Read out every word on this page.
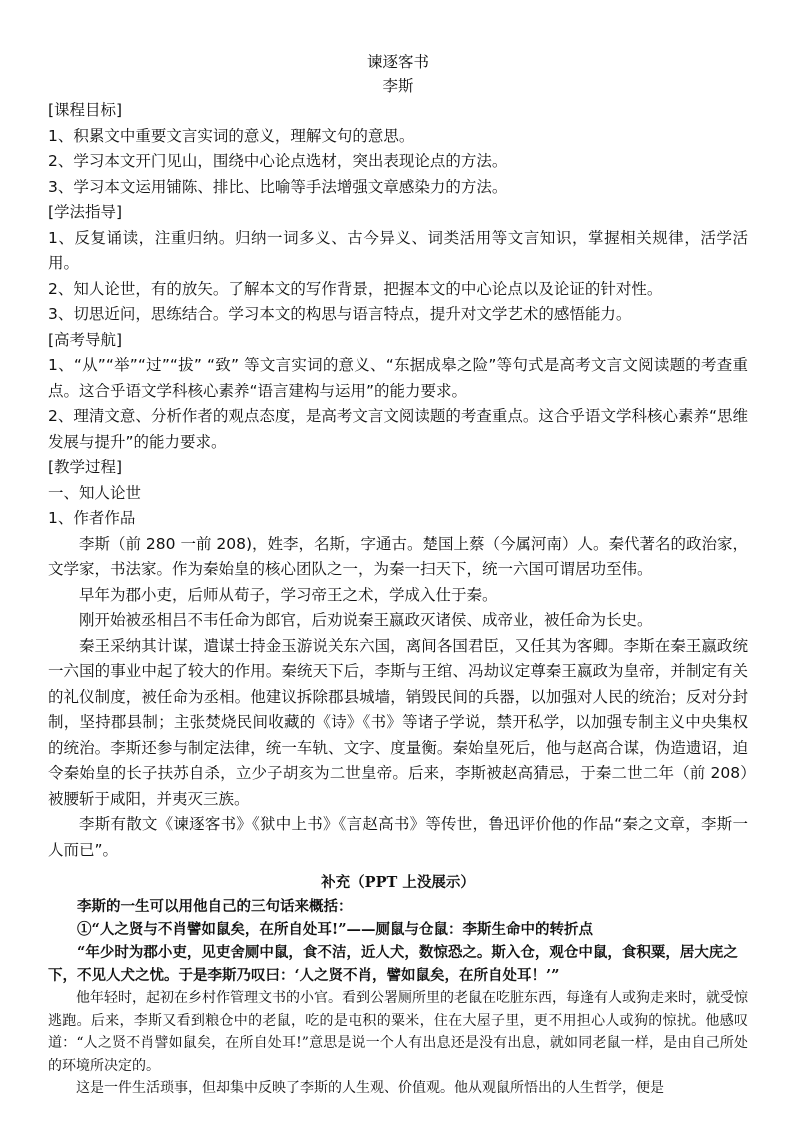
谏逐客书

李斯

[课程目标]

1、积累文中重要文言实词的意义，理解文句的意思。

2、学习本文开门见山，围绕中心论点选材，突出表现论点的方法。

3、学习本文运用铺陈、排比、比喻等手法增强文章感染力的方法。

[学法指导]

1、反复诵读，注重归纳。归纳一词多义、古今异义、词类活用等文言知识，掌握相关规律，活学活用。

2、知人论世，有的放矢。了解本文的写作背景，把握本文的中心论点以及论证的针对性。

3、切思近问，思练结合。学习本文的构思与语言特点，提升对文学艺术的感悟能力。

[高考导航]

1、“从”“举”“过”“拔” “致” 等文言实词的意义、“东据成皋之险”等句式是高考文言文阅读题的考查重点。这合乎语文学科核心素养“语言建构与运用”的能力要求。

2、理清文意、分析作者的观点态度，是高考文言文阅读题的考查重点。这合乎语文学科核心素养“思维发展与提升”的能力要求。

[教学过程]

一、知人论世

1、作者作品

李斯（前 280 一前 208)，姓李，名斯，字通古。楚国上蔡（今属河南）人。秦代著名的政治家，文学家，书法家。作为秦始皇的核心团队之一，为秦一扫天下，统一六国可谓居功至伟。

早年为郡小吏，后师从荀子，学习帝王之术，学成入仕于秦。

刚开始被丞相吕不韦任命为郎官，后劝说秦王嬴政灭诸侯、成帝业，被任命为长史。

秦王采纳其计谋，遣谋士持金玉游说关东六国，离间各国君臣，又任其为客卿。李斯在秦王嬴政统一六国的事业中起了较大的作用。秦统天下后，李斯与王绾、冯劫议定尊秦王嬴政为皇帝，并制定有关的礼仪制度，被任命为丞相。他建议拆除郡县城墙，销毁民间的兵器，以加强对人民的统治；反对分封制，坚持郡县制；主张焚烧民间收藏的《诗》《书》等诸子学说，禁开私学，以加强专制主义中央集权的统治。李斯还参与制定法律，统一车轨、文字、度量衡。秦始皇死后，他与赵高合谋，伪造遗诏，迫令秦始皇的长子扶苏自杀，立少子胡亥为二世皇帝。后来，李斯被赵高猜忌，于秦二世二年（前 208）被腰斩于咸阳，并夷灭三族。

李斯有散文《谏逐客书》《狱中上书》《言赵高书》等传世，鲁迅评价他的作品“秦之文章，李斯一人而已”。

补充（PPT 上没展示）

李斯的一生可以用他自己的三句话来概括：

①“人之贤与不肖譬如鼠矣，在所自处耳!”——厕鼠与仓鼠：李斯生命中的转折点

“年少时为郡小吏，见吏舍厕中鼠，食不洁，近人犬，数惊恐之。斯入仓，观仓中鼠，食积粟，居大庑之下，不见人犬之忧。于是李斯乃叹曰：‘人之贤不肖，譬如鼠矣，在所自处耳！’”

他年轻时，起初在乡村作管理文书的小官。看到公署厕所里的老鼠在吃脏东西，每逢有人或狗走来时，就受惊逃跑。后来，李斯又看到粮仓中的老鼠，吃的是屯积的粟米，住在大屋子里，更不用担心人或狗的惊扰。他感叹道：“人之贤不肖譬如鼠矣，在所自处耳!”意思是说一个人有出息还是没有出息，就如同老鼠一样，是由自己所处的环境所决定的。

这是一件生活琐事，但却集中反映了李斯的人生观、价值观。他从观鼠所悟出的人生哲学，便是
